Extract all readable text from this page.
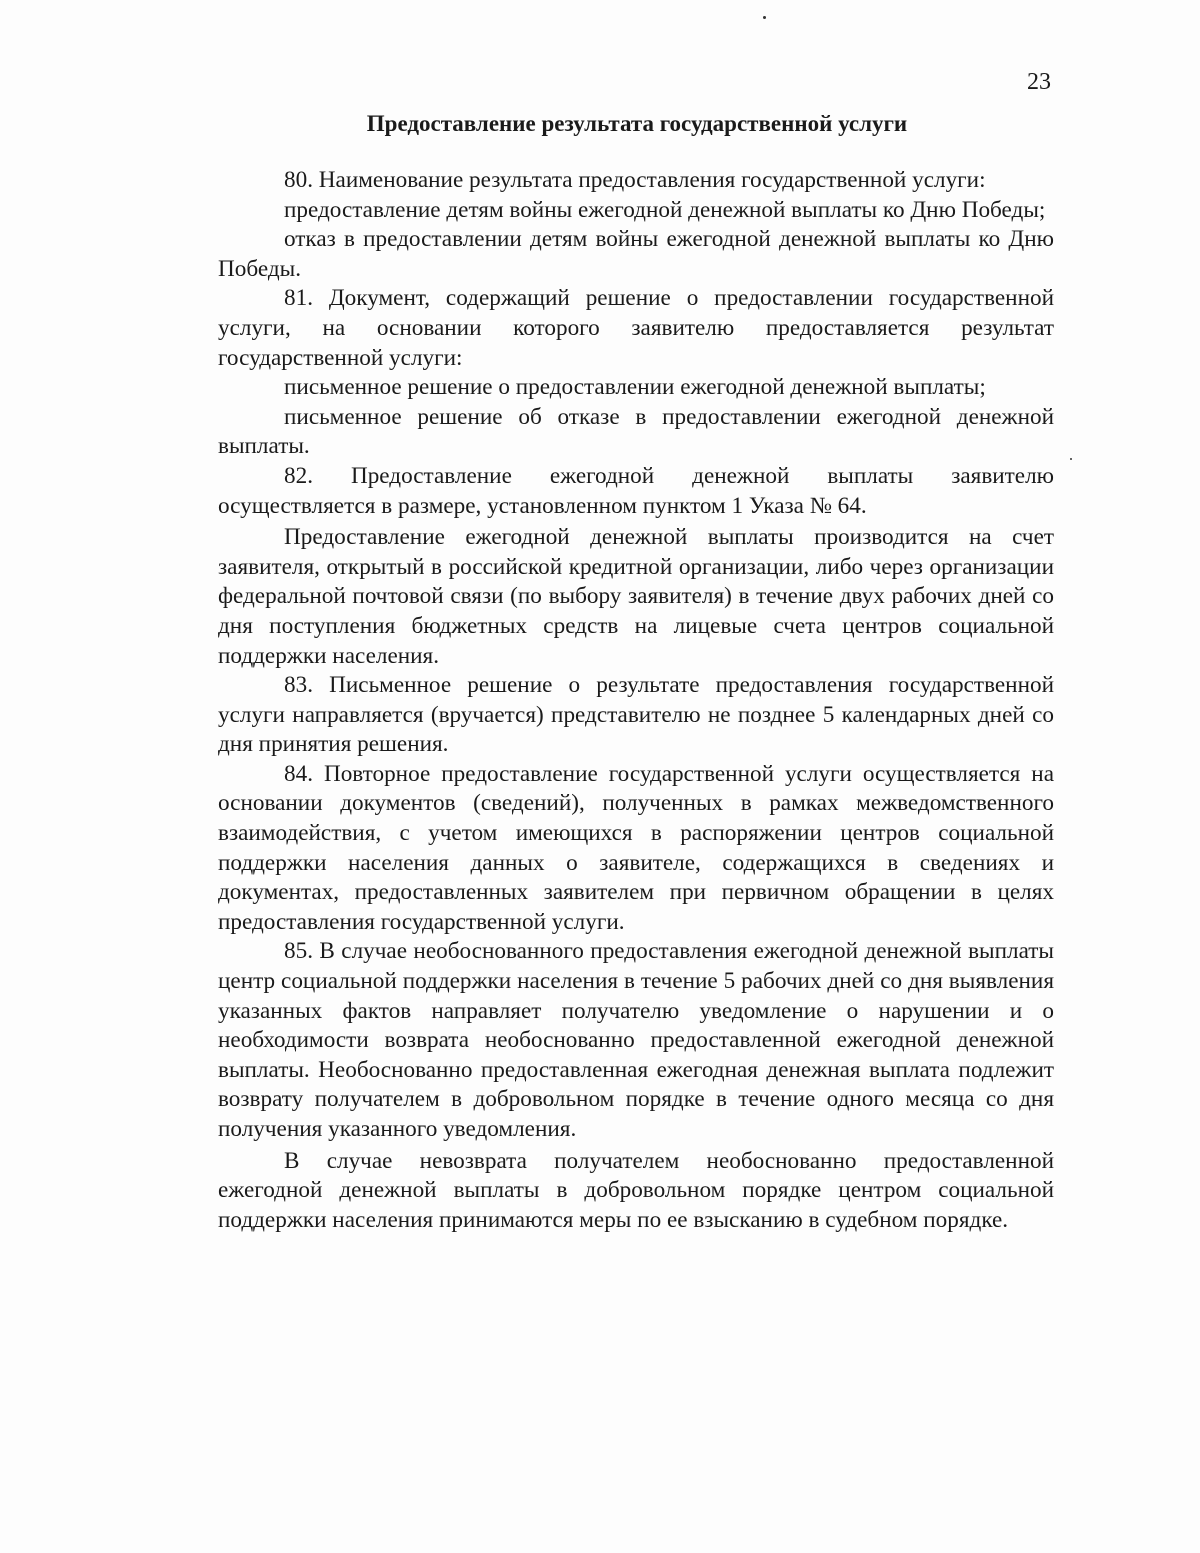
23
Предоставление результата государственной услуги

80. Наименование результата предоставления государственной услуги:

предоставление детям войны ежегодной денежной выплаты ко Дню Победы;

отказ в предоставлении детям войны ежегодной денежной выплаты ко Дню Победы.

81. Документ, содержащий решение о предоставлении государственной услуги, на основании которого заявителю предоставляется результат государственной услуги:

письменное решение о предоставлении ежегодной денежной выплаты;

письменное решение об отказе в предоставлении ежегодной денежной выплаты.

82. Предоставление ежегодной денежной выплаты заявителю осуществляется в размере, установленном пунктом 1 Указа № 64.

Предоставление ежегодной денежной выплаты производится на счет заявителя, открытый в российской кредитной организации, либо через организации федеральной почтовой связи (по выбору заявителя) в течение двух рабочих дней со дня поступления бюджетных средств на лицевые счета центров социальной поддержки населения.

83. Письменное решение о результате предоставления государственной услуги направляется (вручается) представителю не позднее 5 календарных дней со дня принятия решения.

84. Повторное предоставление государственной услуги осуществляется на основании документов (сведений), полученных в рамках межведомственного взаимодействия, с учетом имеющихся в распоряжении центров социальной поддержки населения данных о заявителе, содержащихся в сведениях и документах, предоставленных заявителем при первичном обращении в целях предоставления государственной услуги.

85. В случае необоснованного предоставления ежегодной денежной выплаты центр социальной поддержки населения в течение 5 рабочих дней со дня выявления указанных фактов направляет получателю уведомление о нарушении и о необходимости возврата необоснованно предоставленной ежегодной денежной выплаты. Необоснованно предоставленная ежегодная денежная выплата подлежит возврату получателем в добровольном порядке в течение одного месяца со дня получения указанного уведомления.

В случае невозврата получателем необоснованно предоставленной ежегодной денежной выплаты в добровольном порядке центром социальной поддержки населения принимаются меры по ее взысканию в судебном порядке.
